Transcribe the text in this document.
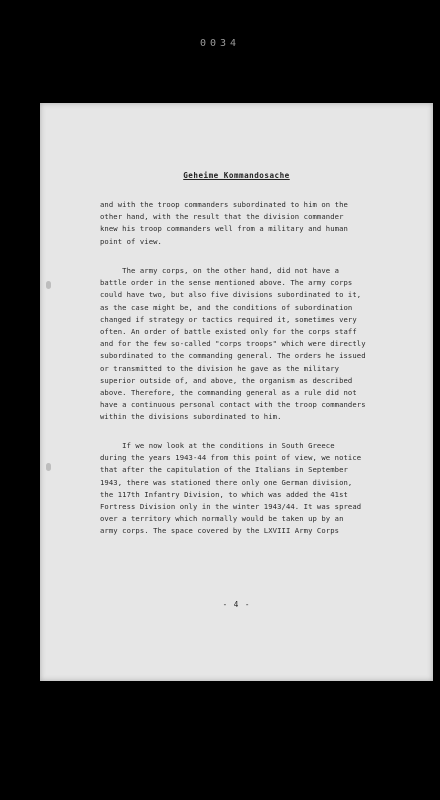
0034
Geheime Kommandosache
and with the troop commanders subordinated to him on the
other hand, with the result that the division commander
knew his troop commanders well from a military and human
point of view.
The army corps, on the other hand, did not have a
battle order in the sense mentioned above. The army corps
could have two, but also five divisions subordinated to it,
as the case might be, and the conditions of subordination
changed if strategy or tactics required it, sometimes very
often. An order of battle existed only for the corps staff
and for the few so-called "corps troops" which were directly
subordinated to the commanding general. The orders he issued
or transmitted to the division he gave as the military
superior outside of, and above, the organism as described
above. Therefore, the commanding general as a rule did not
have a continuous personal contact with the troop commanders
within the divisions subordinated to him.
If we now look at the conditions in South Greece
during the years 1943-44 from this point of view, we notice
that after the capitulation of the Italians in September
1943, there was stationed there only one German division,
the 117th Infantry Division, to which was added the 41st
Fortress Division only in the winter 1943/44. It was spread
over a territory which normally would be taken up by an
army corps. The space covered by the LXVIII Army Corps
- 4 -
